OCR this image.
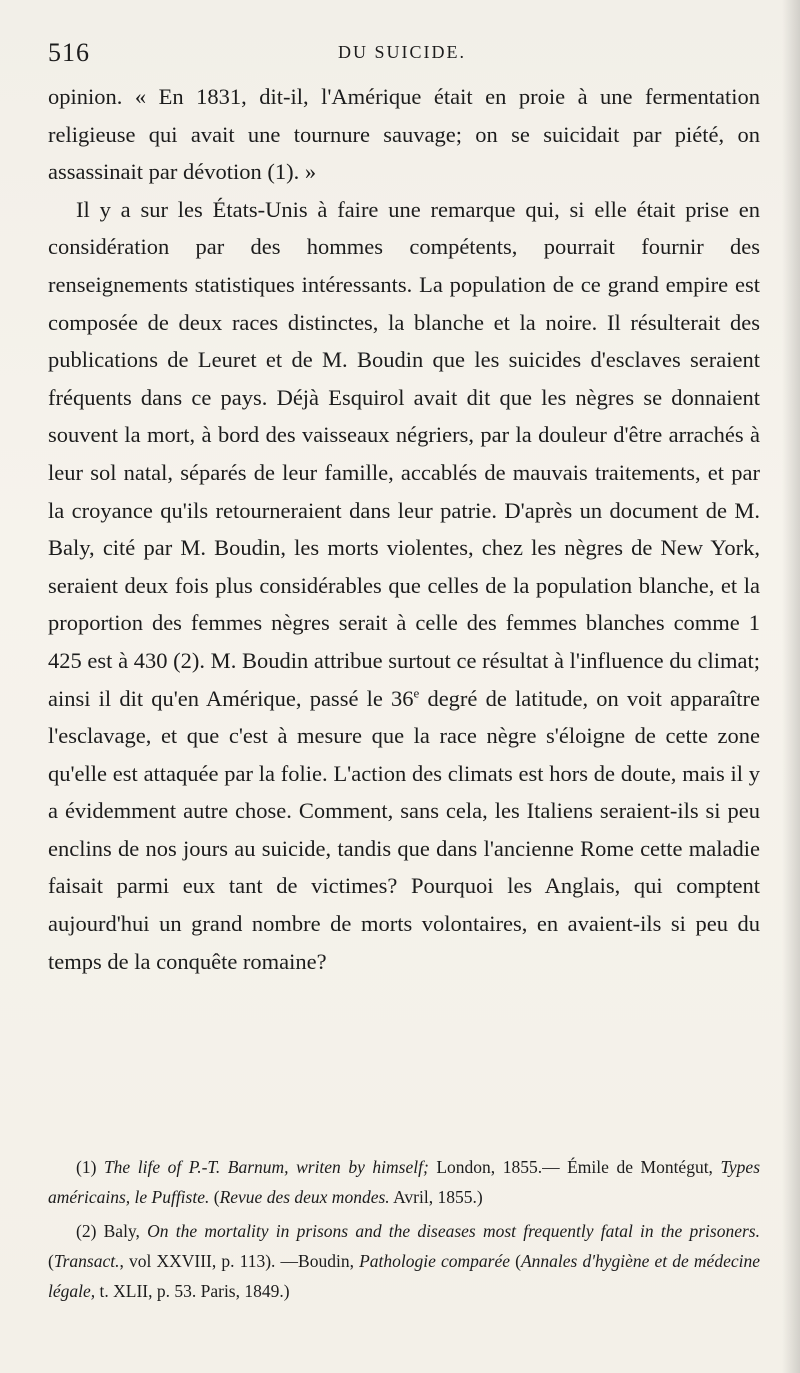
516	DU SUICIDE.

opinion. « En 1831, dit-il, l'Amérique était en proie à une fermentation religieuse qui avait une tournure sauvage; on se suicidait par piété, on assassinait par dévotion (1). »

Il y a sur les États-Unis à faire une remarque qui, si elle était prise en considération par des hommes compétents, pourrait fournir des renseignements statistiques intéressants. La population de ce grand empire est composée de deux races distinctes, la blanche et la noire. Il résulterait des publications de Leuret et de M. Boudin que les suicides d'esclaves seraient fréquents dans ce pays. Déjà Esquirol avait dit que les nègres se donnaient souvent la mort, à bord des vaisseaux négriers, par la douleur d'être arrachés à leur sol natal, séparés de leur famille, accablés de mauvais traitements, et par la croyance qu'ils retourneraient dans leur patrie. D'après un document de M. Baly, cité par M. Boudin, les morts violentes, chez les nègres de New York, seraient deux fois plus considérables que celles de la population blanche, et la proportion des femmes nègres serait à celle des femmes blanches comme 1 425 est à 430 (2). M. Boudin attribue surtout ce résultat à l'influence du climat; ainsi il dit qu'en Amérique, passé le 36e degré de latitude, on voit apparaître l'esclavage, et que c'est à mesure que la race nègre s'éloigne de cette zone qu'elle est attaquée par la folie. L'action des climats est hors de doute, mais il y a évidemment autre chose. Comment, sans cela, les Italiens seraient-ils si peu enclins de nos jours au suicide, tandis que dans l'ancienne Rome cette maladie faisait parmi eux tant de victimes? Pourquoi les Anglais, qui comptent aujourd'hui un grand nombre de morts volontaires, en avaient-ils si peu du temps de la conquête romaine?

(1) The life of P.-T. Barnum, writen by himself; London, 1855.— Émile de Montégut, Types américains, le Puffiste. (Revue des deux mondes. Avril, 1855.)

(2) Baly, On the mortality in prisons and the diseases most frequently fatal in the prisoners. (Transact., vol XXVIII, p. 113). —Boudin, Pathologie comparée (Annales d'hygiène et de médecine légale, t. XLII, p. 53. Paris, 1849.)
